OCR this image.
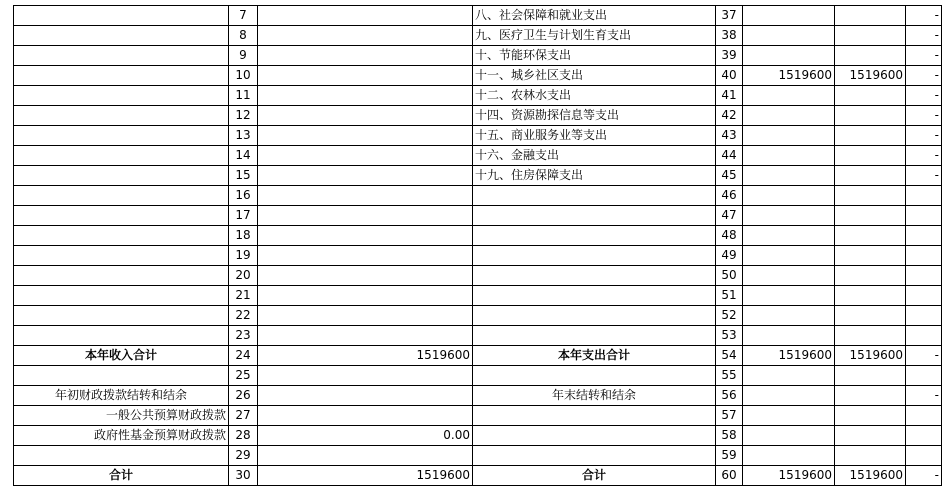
	7		八、社会保障和就业支出	37			-
	8		九、医疗卫生与计划生育支出	38			-
	9		十、节能环保支出	39			-
	10		十一、城乡社区支出	40	1519600	1519600	-
	11		十二、农林水支出	41			-
	12		十四、资源勘探信息等支出	42			-
	13		十五、商业服务业等支出	43			-
	14		十六、金融支出	44			-
	15		十九、住房保障支出	45			-
	16			46			
	17			47			
	18			48			
	19			49			
	20			50			
	21			51			
	22			52			
	23			53			
本年收入合计	24	1519600	本年支出合计	54	1519600	1519600	-
	25			55			
年初财政拨款结转和结余	26		年末结转和结余	56			-
一般公共预算财政拨款	27			57			
政府性基金预算财政拨款	28	0.00		58			
	29			59			
合计	30	1519600	合计	60	1519600	1519600	-
